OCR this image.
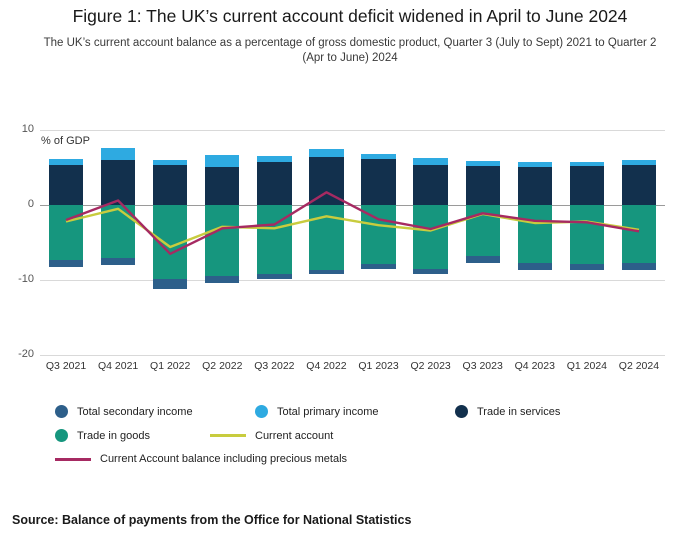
Figure 1: The UK’s current account deficit widened in April to June 2024
The UK’s current account balance as a percentage of gross domestic product, Quarter 3 (July to Sept) 2021 to Quarter 2 (Apr to June) 2024
% of GDP
10
0
-10
-20
Q3 2021	Q4 2021	Q1 2022	Q2 2022	Q3 2022	Q4 2022	Q1 2023	Q2 2023	Q3 2023	Q4 2023	Q1 2024	Q2 2024
Total secondary income	Total primary income	Trade in services
Trade in goods	Current account
Current Account balance including precious metals
Source: Balance of payments from the Office for National Statistics
